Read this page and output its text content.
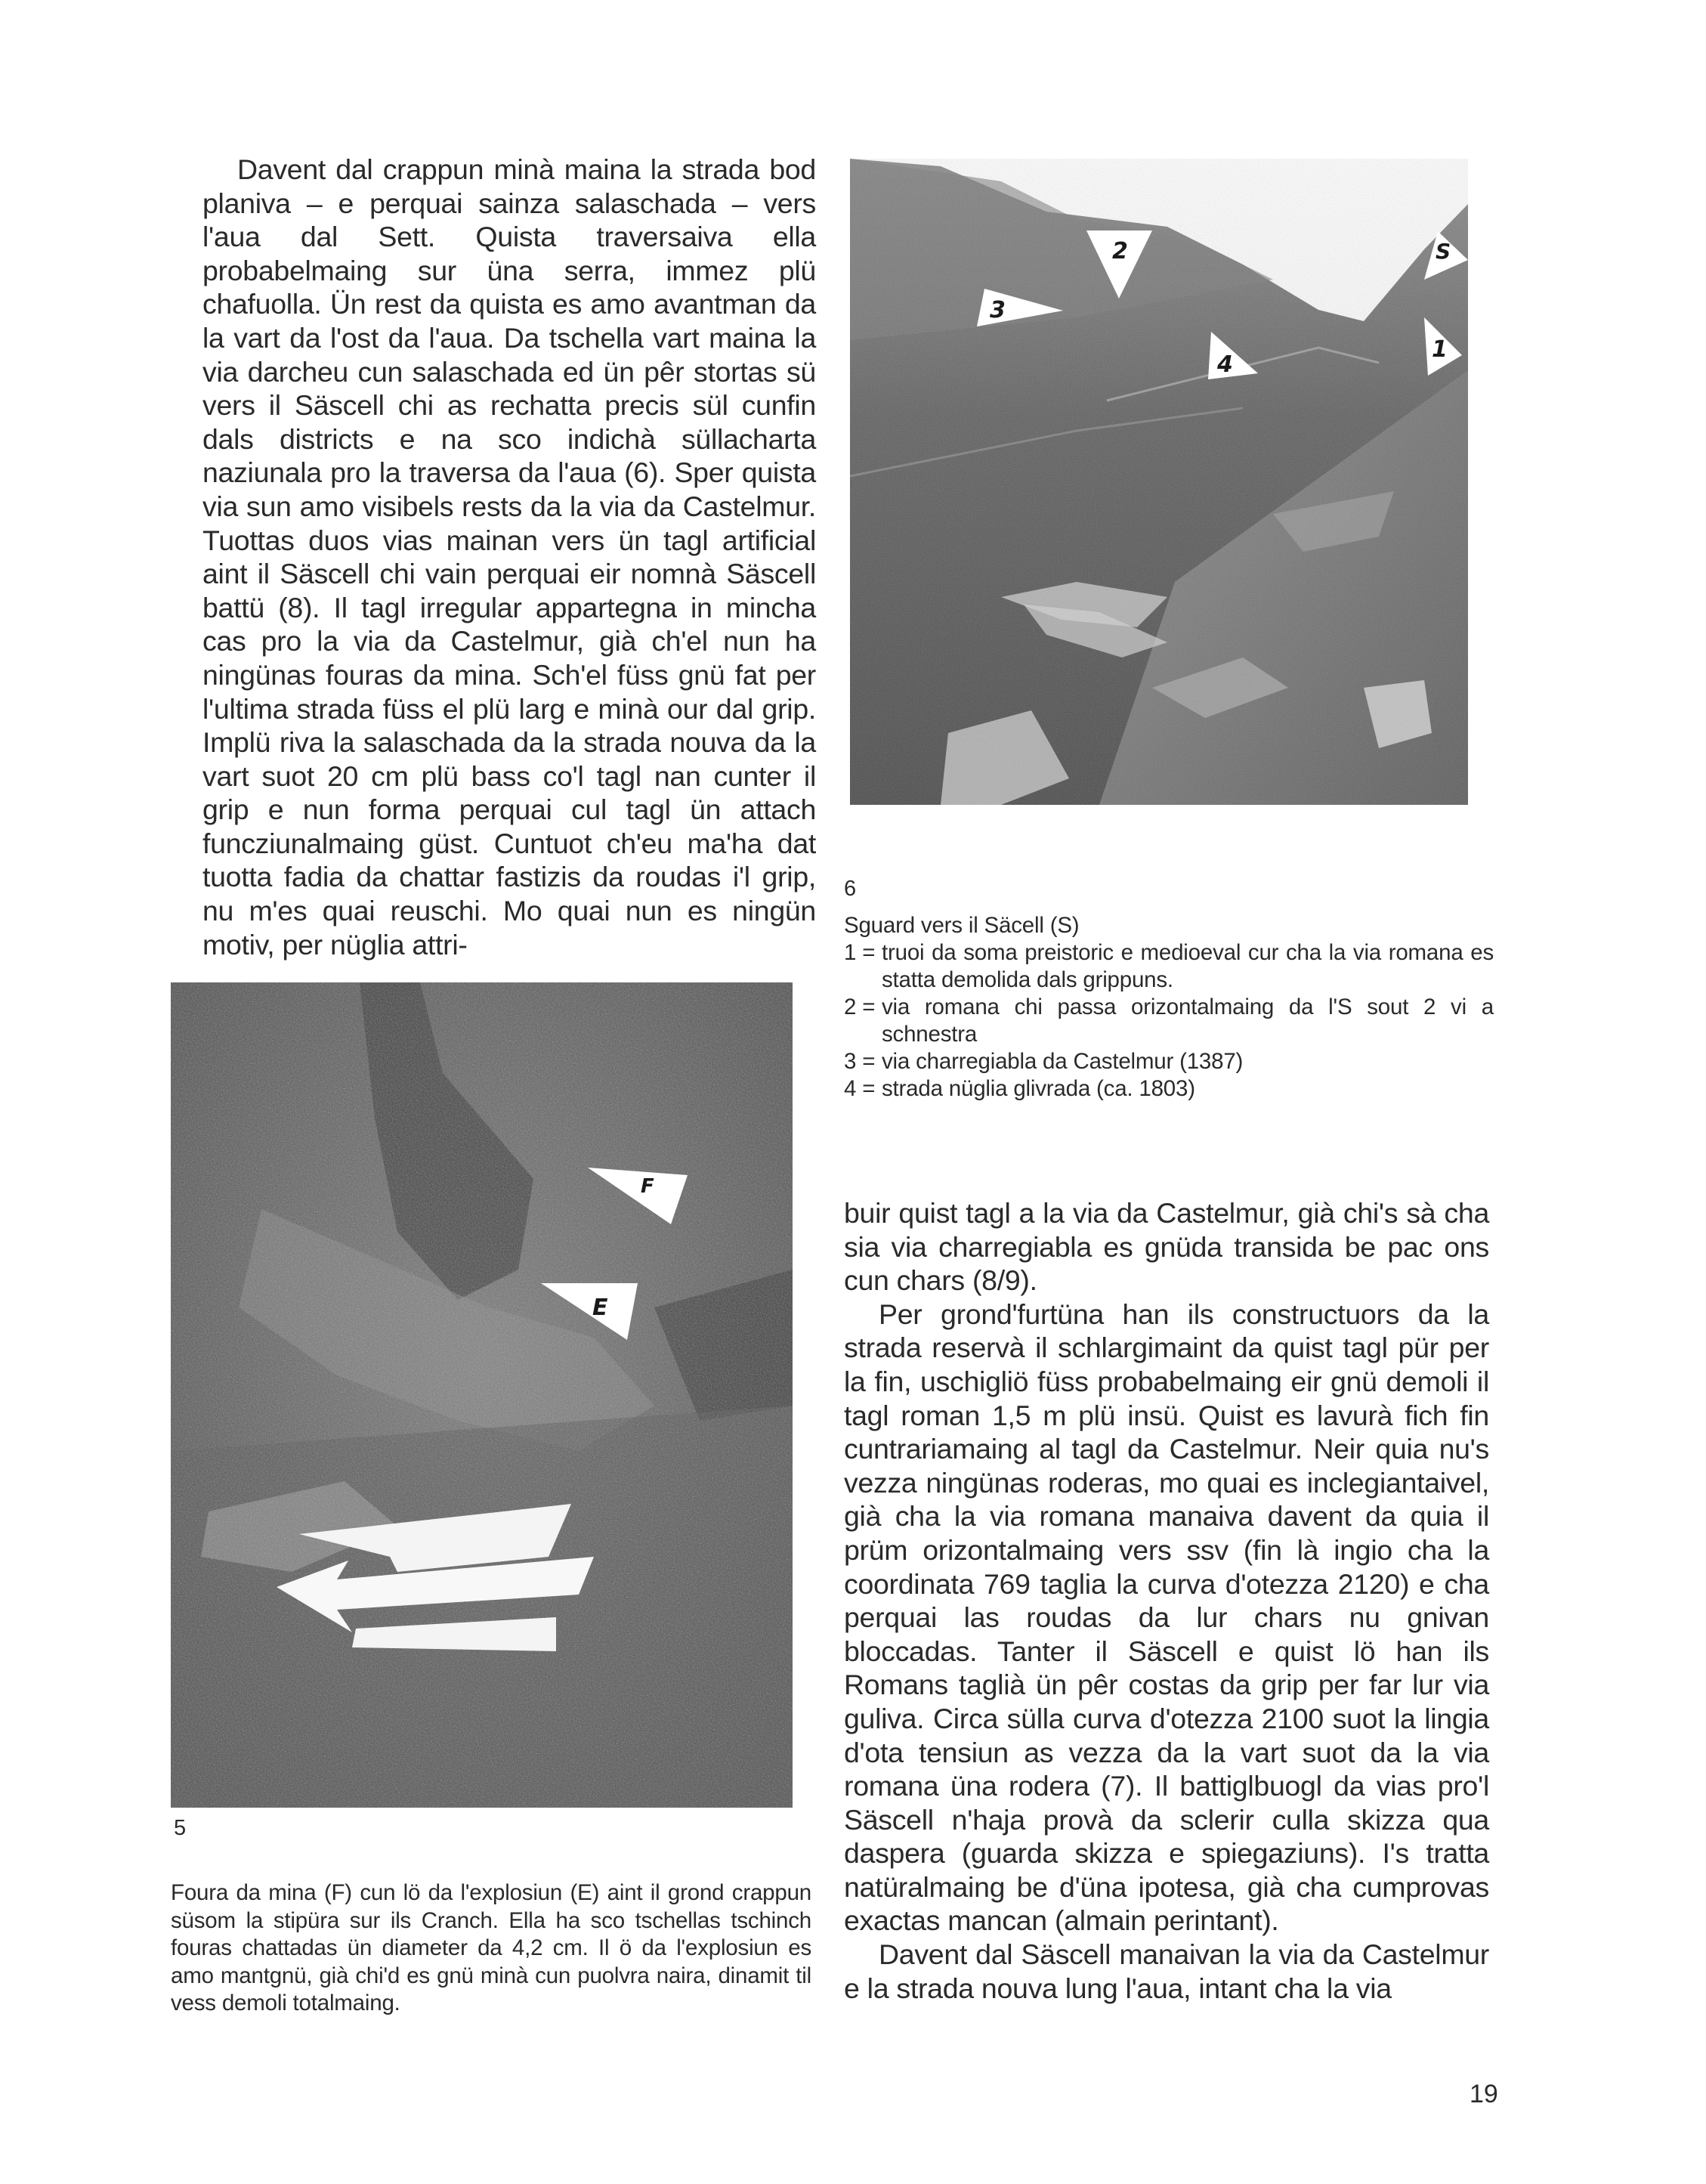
Davent dal crappun minà maina la strada bod planiva – e perquai sainza salaschada – vers l'aua dal Sett. Quista traversaiva ella probabelmaing sur üna serra, immez plü chafuolla. Ün rest da quista es amo avantman da la vart da l'ost da l'aua. Da tschella vart maina la via darcheu cun salaschada ed ün pêr stortas sü vers il Säscell chi as rechatta precis sül cunfin dals districts e na sco indichà süllacharta naziunala pro la traversa da l'aua (6). Sper quista via sun amo visibels rests da la via da Castelmur. Tuottas duos vias mainan vers ün tagl artificial aint il Säscell chi vain perquai eir nomnà Säscell battü (8). Il tagl irregular appartegna in mincha cas pro la via da Castelmur, già ch'el nun ha ningünas fouras da mina. Sch'el füss gnü fat per l'ultima strada füss el plü larg e minà our dal grip. Implü riva la salaschada da la strada nouva da la vart suot 20 cm plü bass co'l tagl nan cunter il grip e nun forma perquai cul tagl ün attach funcziunalmaing güst. Cuntuot ch'eu ma'ha dat tuotta fadia da chattar fastizis da roudas i'l grip, nu m'es quai reuschi. Mo quai nun es ningün motiv, per nüglia attri-

2	S
3
1
4
6
Sguard vers il Säcell (S)
1 = truoi da soma preistoric e medioeval cur cha la via romana es statta demolida dals grippuns.
2 = via romana chi passa orizontalmaing da l'S sout 2 vi a schnestra
3 = via charregiabla da Castelmur (1387)
4 = strada nüglia glivrada (ca. 1803)
F
E
5
Foura da mina (F) cun lö da l'explosiun (E) aint il grond crappun süsom la stipüra sur ils Cranch. Ella ha sco tschellas tschinch fouras chattadas ün diameter da 4,2 cm. Il ö da l'explosiun es amo mantgnü, già chi'd es gnü minà cun puolvra naira, dinamit til vess demoli totalmaing.

buir quist tagl a la via da Castelmur, già chi's sà cha sia via charregiabla es gnüda transida be pac ons cun chars (8/9).

Per grond'furtüna han ils constructuors da la strada reservà il schlargimaint da quist tagl pür per la fin, uschigliö füss probabelmaing eir gnü demoli il tagl roman 1,5 m plü insü. Quist es lavurà fich fin cuntrariamaing al tagl da Castelmur. Neir quia nu's vezza ningünas roderas, mo quai es inclegiantaivel, già cha la via romana manaiva davent da quia il prüm orizontalmaing vers ssv (fin là ingio cha la coordinata 769 taglia la curva d'otezza 2120) e cha perquai las roudas da lur chars nu gnivan bloccadas. Tanter il Säscell e quist lö han ils Romans taglià ün pêr costas da grip per far lur via guliva. Circa sülla curva d'otezza 2100 suot la lingia d'ota tensiun as vezza da la vart suot da la via romana üna rodera (7). Il battiglbuogl da vias pro'l Säscell n'haja provà da sclerir culla skizza qua daspera (guarda skizza e spiegaziuns). I's tratta natüralmaing be d'üna ipotesa, già cha cumprovas exactas mancan (almain perintant).

Davent dal Säscell manaivan la via da Castelmur e la strada nouva lung l'aua, intant cha la via

19
